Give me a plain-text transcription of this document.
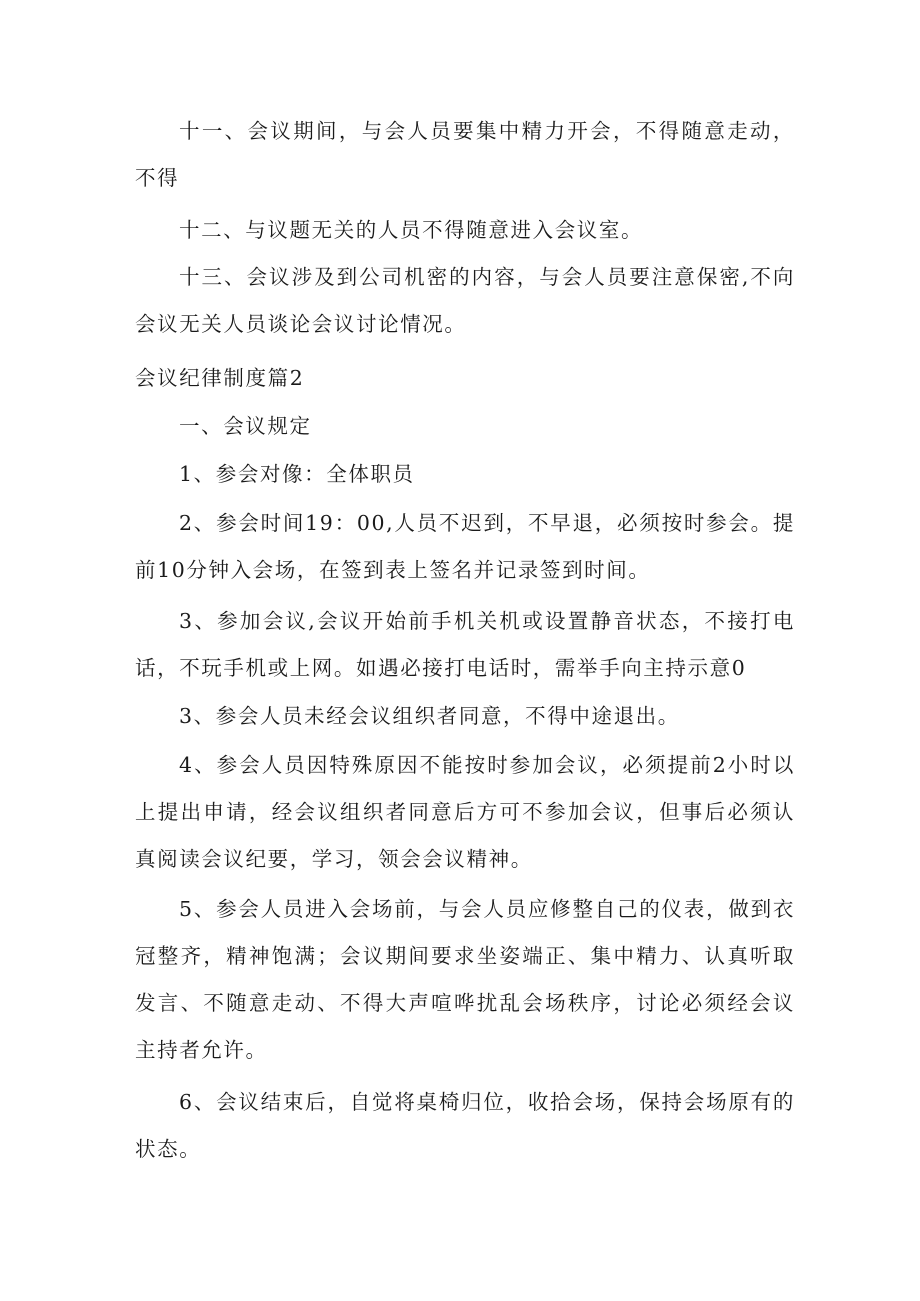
十一、会议期间，与会人员要集中精力开会，不得随意走动，不得

十二、与议题无关的人员不得随意进入会议室。

十三、会议涉及到公司机密的内容，与会人员要注意保密,不向会议无关人员谈论会议讨论情况。

会议纪律制度篇2

一、会议规定

1、参会对像：全体职员

2、参会时间19：00,人员不迟到，不早退，必须按时参会。提前10分钟入会场，在签到表上签名并记录签到时间。

3、参加会议,会议开始前手机关机或设置静音状态，不接打电话，不玩手机或上网。如遇必接打电话时，需举手向主持示意0

3、参会人员未经会议组织者同意，不得中途退出。

4、参会人员因特殊原因不能按时参加会议，必须提前2小时以上提出申请，经会议组织者同意后方可不参加会议，但事后必须认真阅读会议纪要，学习，领会会议精神。

5、参会人员进入会场前，与会人员应修整自己的仪表，做到衣冠整齐，精神饱满；会议期间要求坐姿端正、集中精力、认真听取发言、不随意走动、不得大声喧哗扰乱会场秩序，讨论必须经会议主持者允许。

6、会议结束后，自觉将桌椅归位，收拾会场，保持会场原有的状态。
